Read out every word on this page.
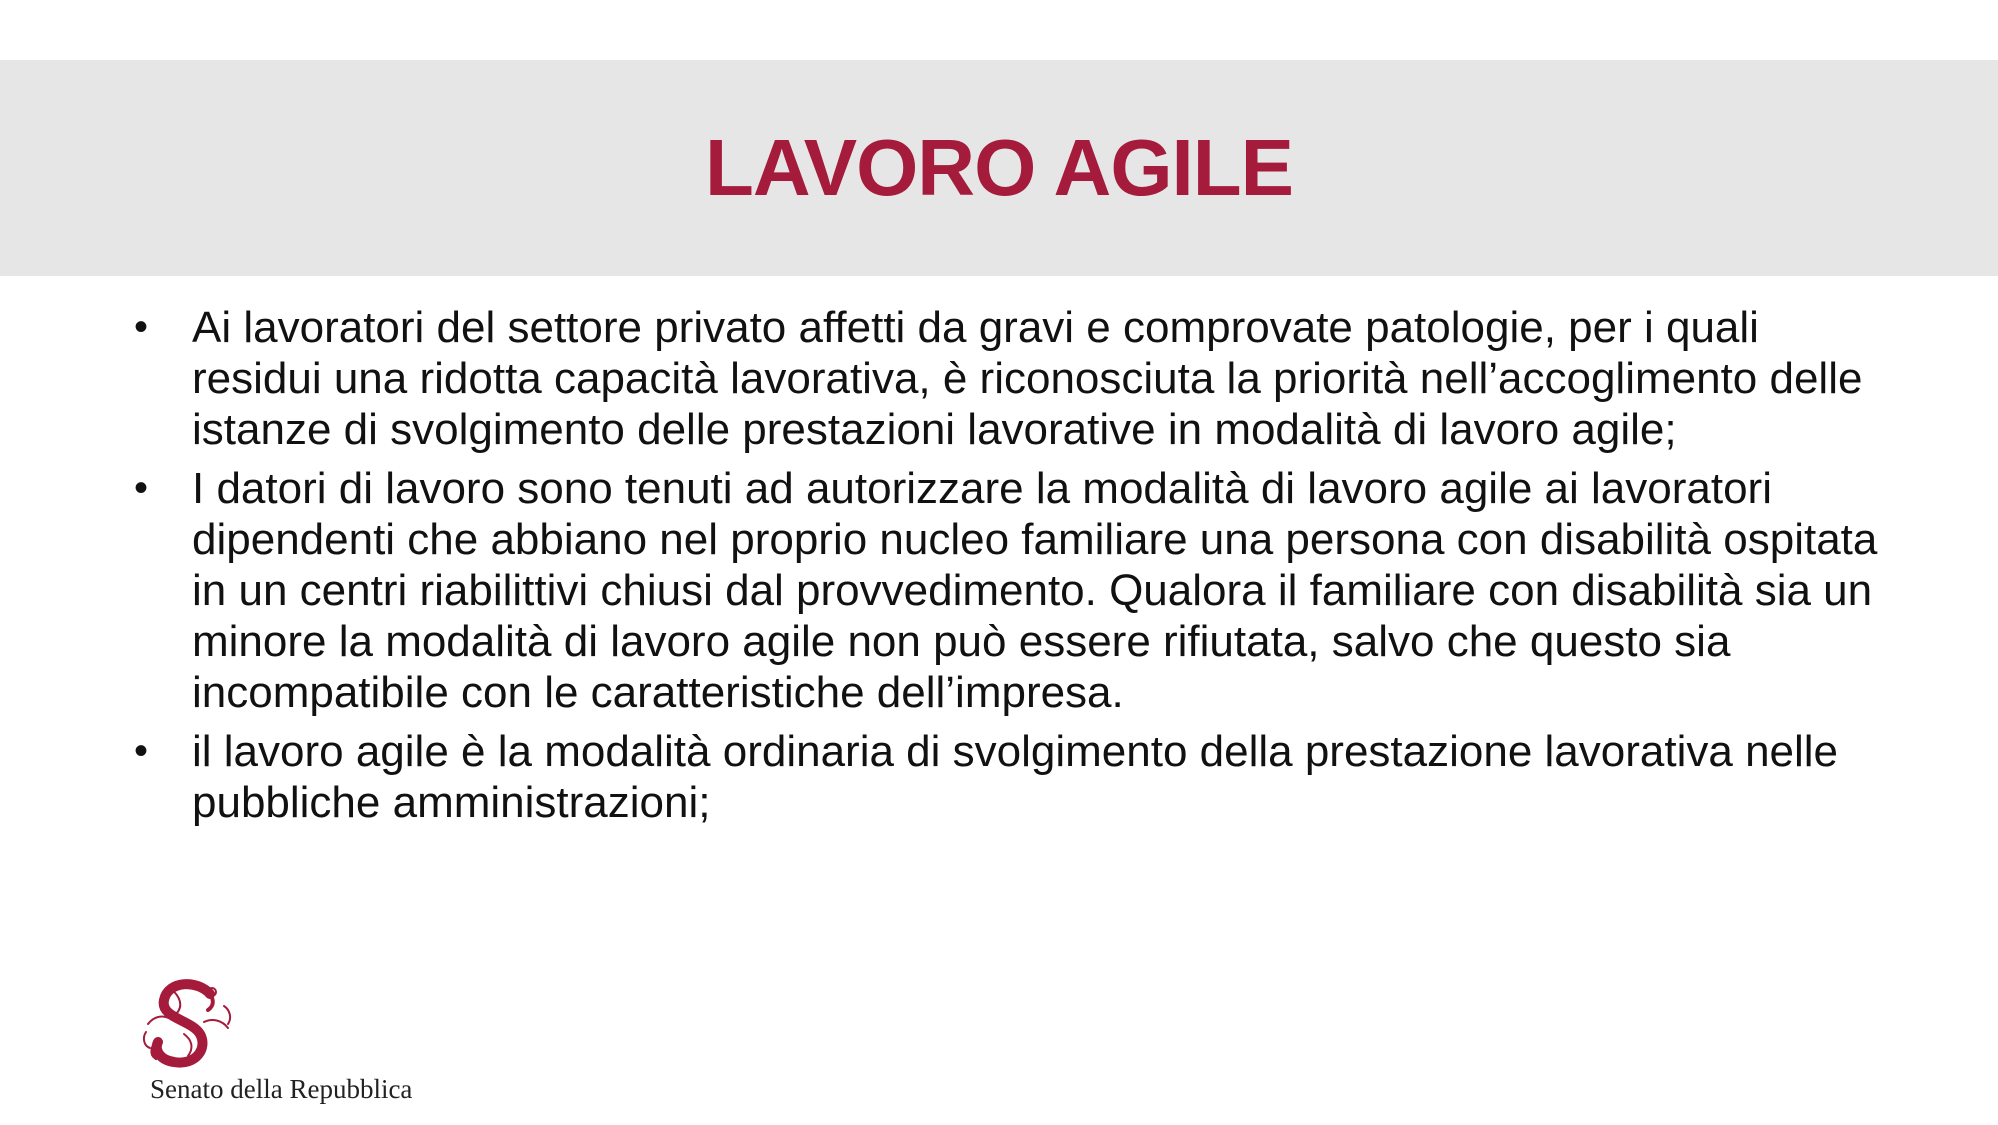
LAVORO AGILE
• Ai lavoratori del settore privato affetti da gravi e comprovate patologie, per i quali residui una ridotta capacità lavorativa, è riconosciuta la priorità nell’accoglimento delle istanze di svolgimento delle prestazioni lavorative in modalità di lavoro agile;
• I datori di lavoro sono tenuti ad autorizzare la modalità di lavoro agile ai lavoratori dipendenti che abbiano nel proprio nucleo familiare una persona con disabilità ospitata in un centri riabilittivi chiusi dal provvedimento. Qualora il familiare con disabilità sia un minore la modalità di lavoro agile non può essere rifiutata, salvo che questo sia incompatibile con le caratteristiche dell’impresa.
• il lavoro agile è la modalità ordinaria di svolgimento della prestazione lavorativa nelle pubbliche amministrazioni;
Senato della Repubblica
